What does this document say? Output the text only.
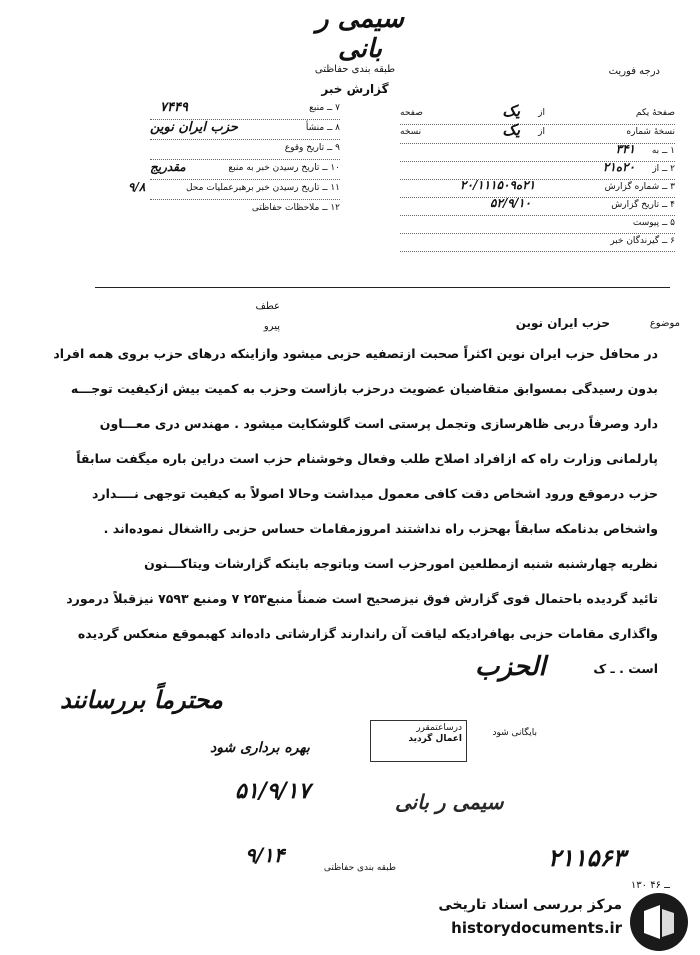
سیمی ر بانی
طبقه بندی حفاظتی
گزارش خبر
درجه فوریت
۷ ــ منبع
۷۴۴۹
۸ ــ منشأ
حزب ایران نوین
۹ ــ تاریخ وقوع
۱۰ ــ تاریخ رسیدن خبر به منبع
مقدریج
۱۱ ــ تاریخ رسیدن خبر برهبرعملیات محل
۹/۸
۱۲ ــ ملاحظات حفاظتی
صفحهٔ یکم
از
یک
صفحه
نسخهٔ شماره
از
یک
نسخه
۱ ــ به
۳۴۱
۲ ــ از
۲۰ه۲۱
۳ ــ شماره گزارش
۲۱ه۲۰/۱۱۱۵۰۹
۴ ــ تاریخ گزارش
۵۲/۹/۱۰
۵ ــ پیوست
۶ ــ گیرندگان خبر
عطف
پیرو	موضوع
حزب ایران نوین
در محافل حزب ایران نوین اکثراً صحبت ازتصفیه حزبی میشود وازاینکه درهای حزب بروی همه افراد
بدون رسیدگی بمسوابق متقاضیان عضویت درحزب بازاست وحزب به کمیت بیش ازکیفیت توجـــه
دارد وصرفاً دربی ظاهرسازی وتجمل پرستی است گلوشکایت میشود . مهندس دری معـــاون
پارلمانی وزارت راه که ازافراد اصلاح طلب وفعال وخوشنام حزب است دراین باره میگفت سابقاً
حزب درموقع ورود اشخاص دقت کافی معمول میداشت وحالا اصولاً به کیفیت توجهی نــــدارد
واشخاص بدنامکه سابقاً بهحزب راه نداشتند امروزمقامات حساس حزبی رااشغال نموده‌اند .
نظریه چهارشنبه شنبه ازمطلعین امورحزب است وباتوجه باینکه گزارشات ویتاکـــنون
تائید گردیده باحتمال قوی گزارش فوق نیزصحیح است ضمناً منبع۲۵۳ ۷ ومنبع ۷۵۹۳ نیزقبلاً درمورد
واگذاری مقامات حزبی بهافرادیکه لیاقت آن راندارند گزارشاتی داده‌اند کهبموقع منعکس گردیده
است . ـ ک
الحزب
محترماً بررسانند
بهره برداری شود
۵۱/۹/۱۷	سیمی ر بانی
درساعتمقرر
اعمال گردید
بایگانی شود
۲۱۱۵۶۳
۹/۱۴
طبقه بندی حفاظتی
۱۳۰ ــ ۴۶
مرکز بررسی اسناد تاریخی
historydocuments.ir
